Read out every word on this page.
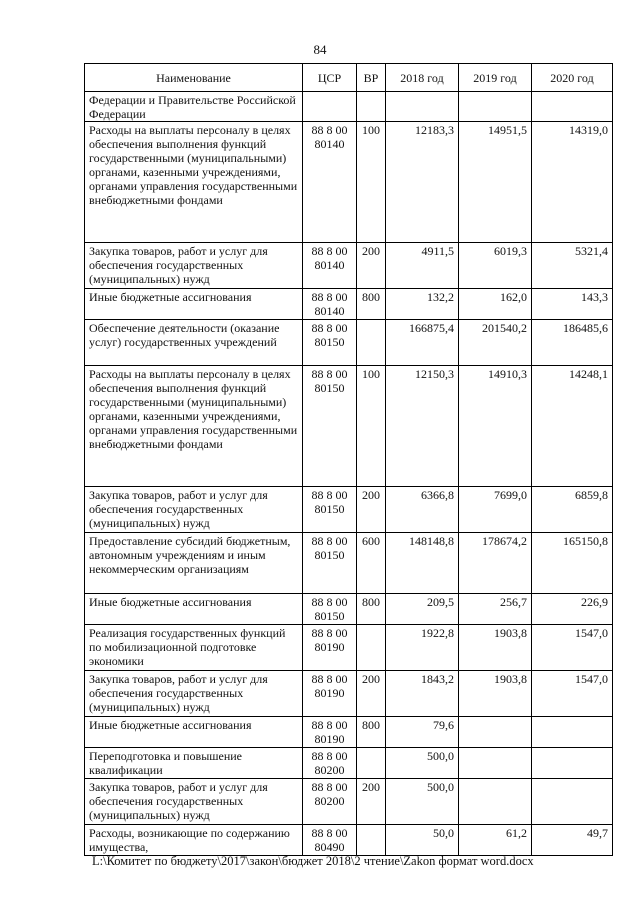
84
Наименование	ЦСР	ВР	2018 год	2019 год	2020 год
Федерации и Правительстве Российской Федерации					
Расходы на выплаты персоналу в целях обеспечения выполнения функций государственными (муниципальными) органами, казенными учреждениями, органами управления государственными внебюджетными фондами	88 8 00 80140	100	12183,3	14951,5	14319,0
Закупка товаров, работ и услуг для обеспечения государственных (муниципальных) нужд	88 8 00 80140	200	4911,5	6019,3	5321,4
Иные бюджетные ассигнования	88 8 00 80140	800	132,2	162,0	143,3
Обеспечение деятельности (оказание услуг) государственных учреждений	88 8 00 80150		166875,4	201540,2	186485,6
Расходы на выплаты персоналу в целях обеспечения выполнения функций государственными (муниципальными) органами, казенными учреждениями, органами управления государственными внебюджетными фондами	88 8 00 80150	100	12150,3	14910,3	14248,1
Закупка товаров, работ и услуг для обеспечения государственных (муниципальных) нужд	88 8 00 80150	200	6366,8	7699,0	6859,8
Предоставление субсидий бюджетным, автономным учреждениям и иным некоммерческим организациям	88 8 00 80150	600	148148,8	178674,2	165150,8
Иные бюджетные ассигнования	88 8 00 80150	800	209,5	256,7	226,9
Реализация государственных функций по мобилизационной подготовке экономики	88 8 00 80190		1922,8	1903,8	1547,0
Закупка товаров, работ и услуг для обеспечения государственных (муниципальных) нужд	88 8 00 80190	200	1843,2	1903,8	1547,0
Иные бюджетные ассигнования	88 8 00 80190	800	79,6		
Переподготовка и повышение квалификации	88 8 00 80200		500,0		
Закупка товаров, работ и услуг для обеспечения государственных (муниципальных) нужд	88 8 00 80200	200	500,0		
Расходы, возникающие по содержанию имущества,	88 8 00 80490		50,0	61,2	49,7
L:\Комитет по бюджету\2017\закон\бюджет 2018\2 чтение\Zakon формат word.docx
